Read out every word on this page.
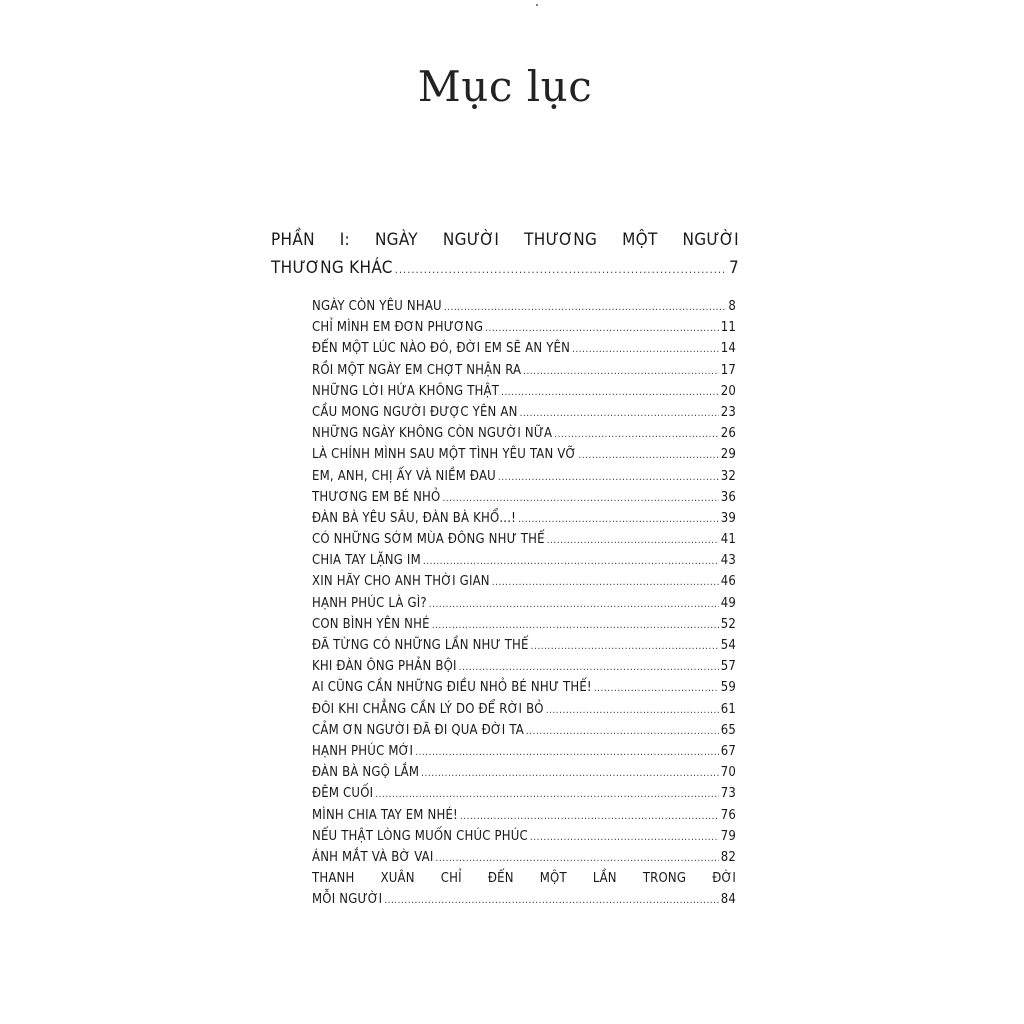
Mục lục
PHẦN I: NGÀY NGƯỜI THƯƠNG MỘT NGƯỜI
THƯƠNG KHÁC .....	7
NGÀY CÒN YÊU NHAU .....	8
CHỈ MÌNH EM ĐƠN PHƯƠNG .....	11
ĐẾN MỘT LÚC NÀO ĐÓ, ĐỜI EM SẼ AN YÊN .....	14
RỒI MỘT NGÀY EM CHỢT NHẬN RA .....	17
NHỮNG LỜI HỨA KHÔNG THẬT .....	20
CẦU MONG NGƯỜI ĐƯỢC YÊN AN .....	23
NHỮNG NGÀY KHÔNG CÒN NGƯỜI NỮA .....	26
LÀ CHÍNH MÌNH SAU MỘT TÌNH YÊU TAN VỠ .....	29
EM, ANH, CHỊ ẤY VÀ NIỀM ĐAU .....	32
THƯƠNG EM BÉ NHỎ .....	36
ĐÀN BÀ YÊU SÂU, ĐÀN BÀ KHỔ...! .....	39
CÓ NHỮNG SỚM MÙA ĐÔNG NHƯ THẾ .....	41
CHIA TAY LẶNG IM .....	43
XIN HÃY CHO ANH THỜI GIAN .....	46
HẠNH PHÚC LÀ GÌ? .....	49
CON BÌNH YÊN NHÉ .....	52
ĐÃ TỪNG CÓ NHỮNG LẦN NHƯ THẾ .....	54
KHI ĐÀN ÔNG PHẢN BỘI .....	57
AI CŨNG CẦN NHỮNG ĐIỀU NHỎ BÉ NHƯ THẾ! .....	59
ĐÔI KHI CHẲNG CẦN LÝ DO ĐỂ RỜI BỎ .....	61
CẢM ƠN NGƯỜI ĐÃ ĐI QUA ĐỜI TA .....	65
HẠNH PHÚC MỚI .....	67
ĐÀN BÀ NGỘ LẮM .....	70
ĐÊM CUỐI .....	73
MÌNH CHIA TAY EM NHÉ! .....	76
NẾU THẬT LÒNG MUỐN CHÚC PHÚC .....	79
ÁNH MẮT VÀ BỜ VAI .....	82
THANH XUÂN CHỈ ĐẾN MỘT LẦN TRONG ĐỜI
MỖI NGƯỜI .....	84
